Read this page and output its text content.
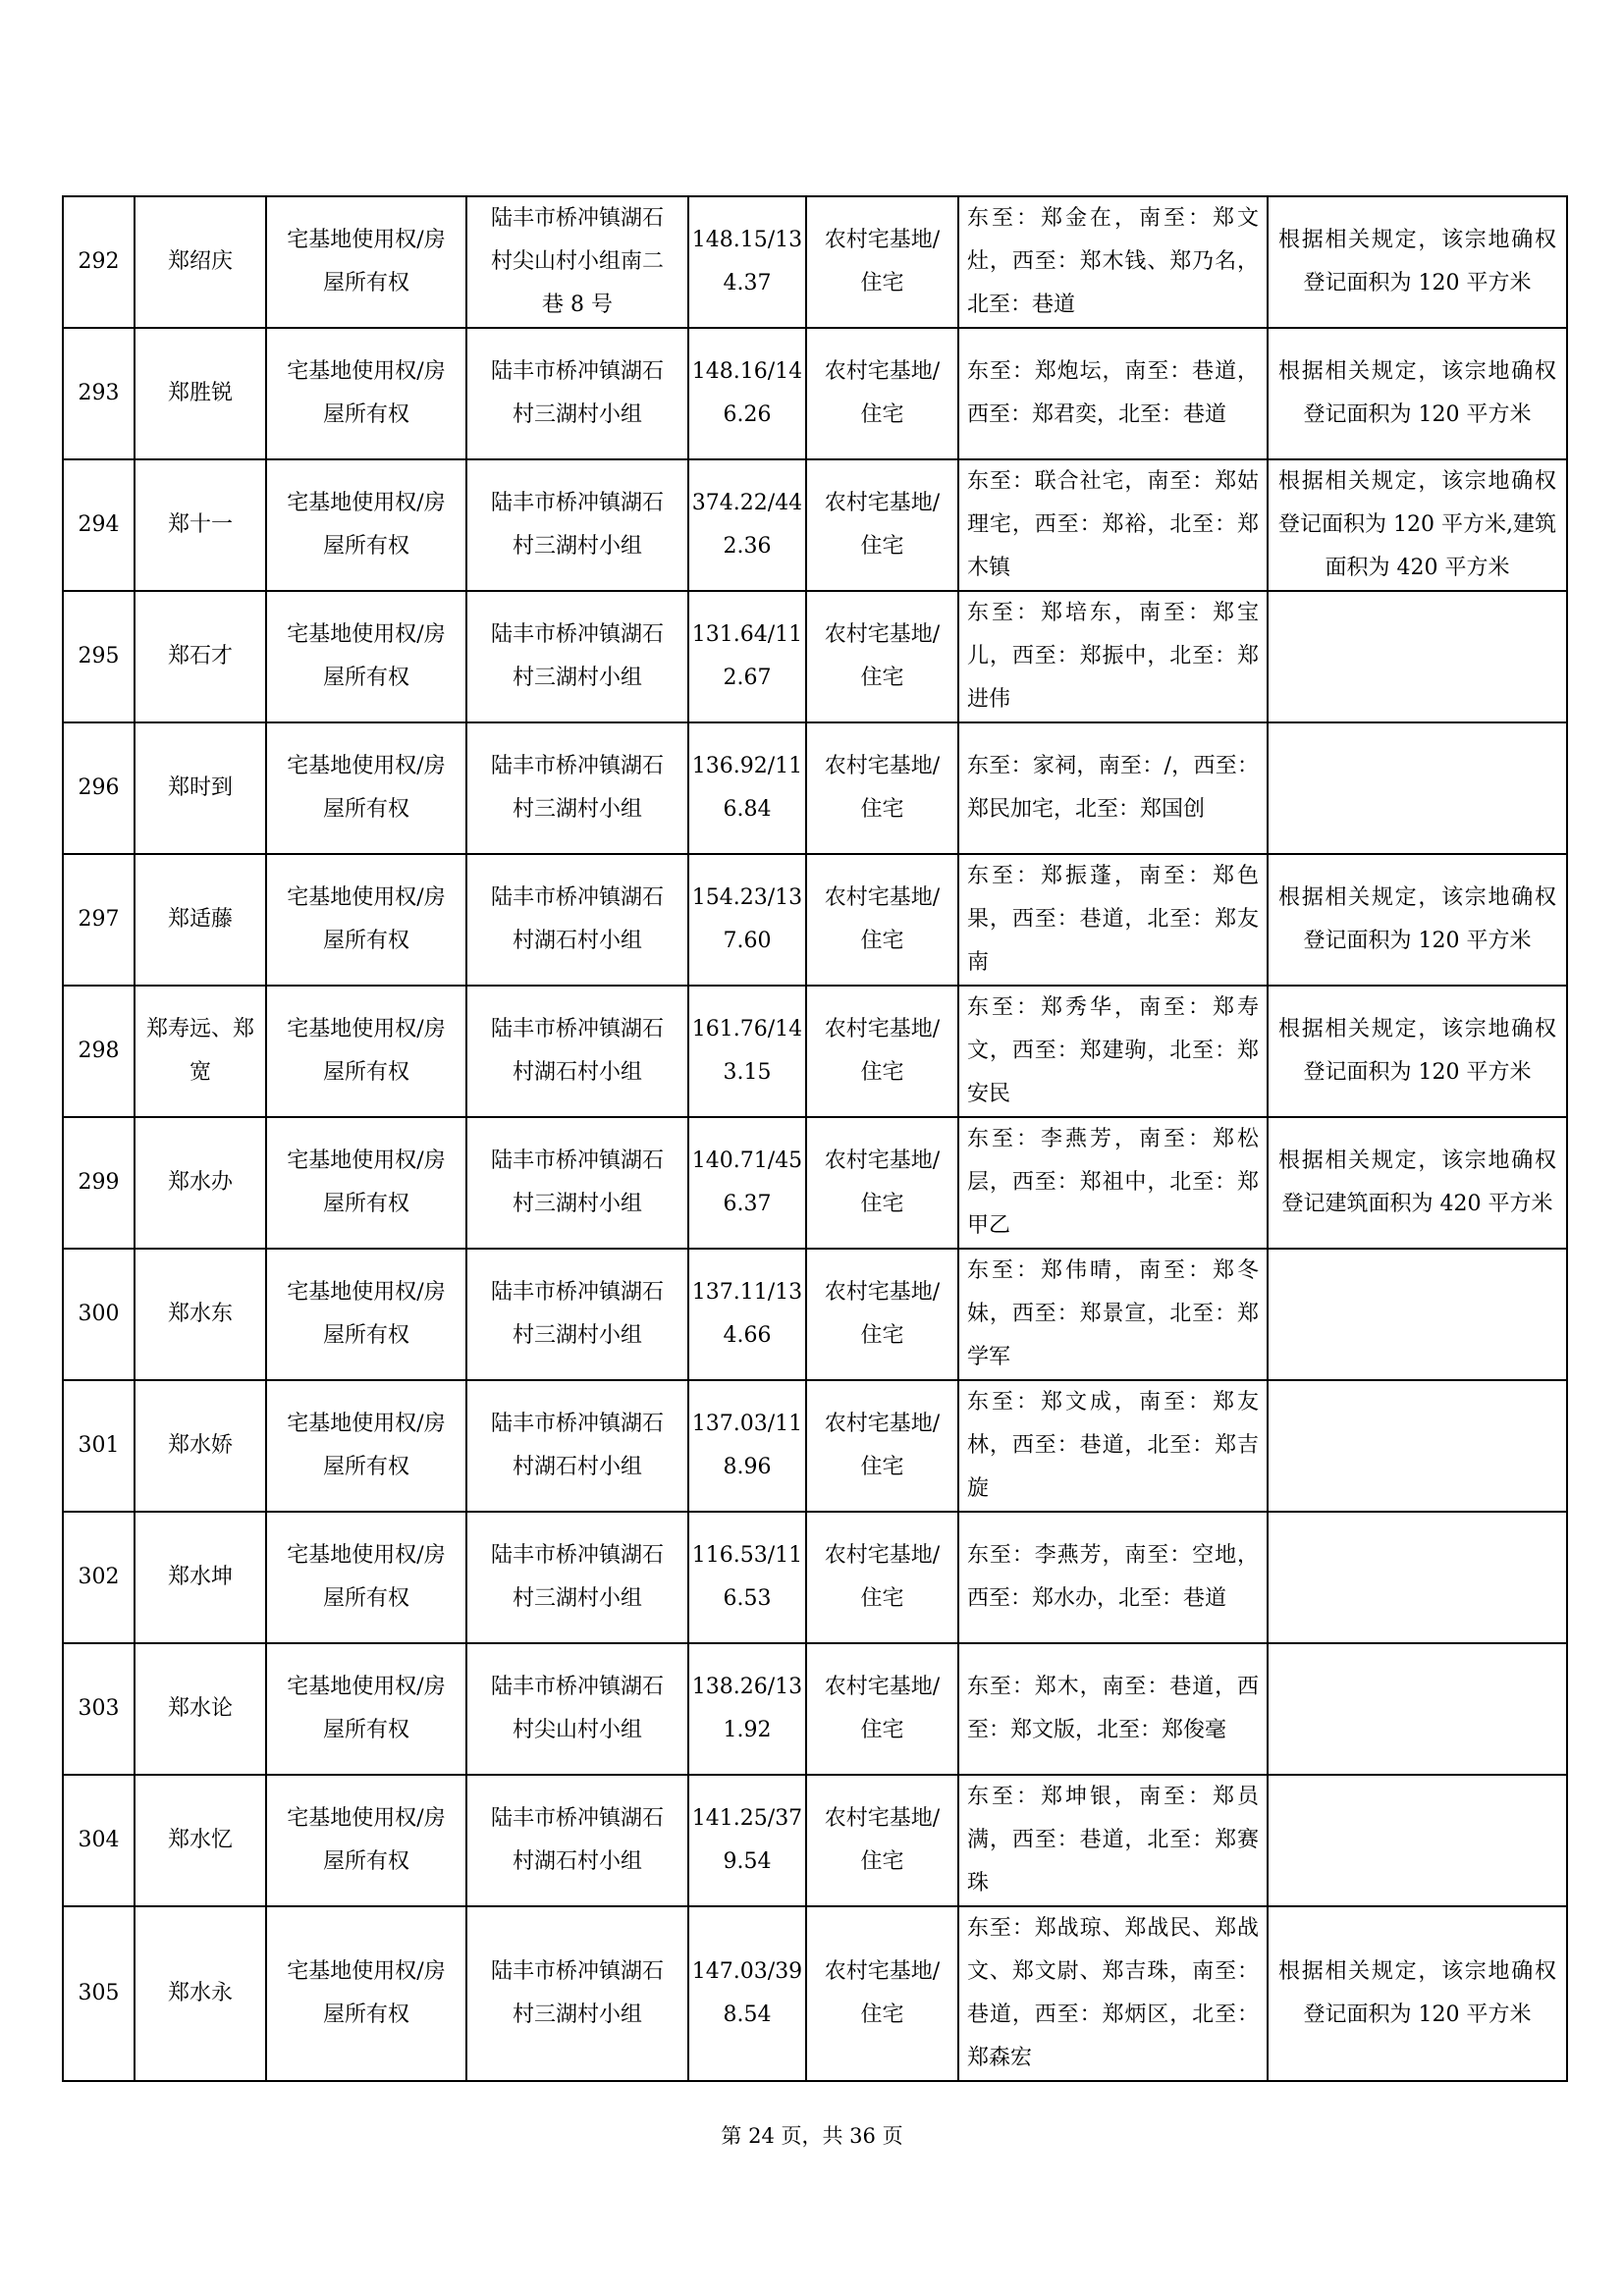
292	郑绍庆	宅基地使用权/房屋所有权	陆丰市桥冲镇湖石村尖山村小组南二巷 8 号	148.15/134.37	农村宅基地/住宅	东至：郑金在，南至：郑文灶，西至：郑木钱、郑乃名，北至：巷道	根据相关规定，该宗地确权登记面积为 120 平方米
293	郑胜锐	宅基地使用权/房屋所有权	陆丰市桥冲镇湖石村三湖村小组	148.16/146.26	农村宅基地/住宅	东至：郑炮坛，南至：巷道，西至：郑君奕，北至：巷道	根据相关规定，该宗地确权登记面积为 120 平方米
294	郑十一	宅基地使用权/房屋所有权	陆丰市桥冲镇湖石村三湖村小组	374.22/442.36	农村宅基地/住宅	东至：联合社宅，南至：郑姑理宅，西至：郑裕，北至：郑木镇	根据相关规定，该宗地确权登记面积为 120 平方米,建筑面积为 420 平方米
295	郑石才	宅基地使用权/房屋所有权	陆丰市桥冲镇湖石村三湖村小组	131.64/112.67	农村宅基地/住宅	东至：郑培东，南至：郑宝儿，西至：郑振中，北至：郑进伟	
296	郑时到	宅基地使用权/房屋所有权	陆丰市桥冲镇湖石村三湖村小组	136.92/116.84	农村宅基地/住宅	东至：家祠，南至：/，西至：郑民加宅，北至：郑国创	
297	郑适藤	宅基地使用权/房屋所有权	陆丰市桥冲镇湖石村湖石村小组	154.23/137.60	农村宅基地/住宅	东至：郑振蓬，南至：郑色果，西至：巷道，北至：郑友南	根据相关规定，该宗地确权登记面积为 120 平方米
298	郑寿远、郑宽	宅基地使用权/房屋所有权	陆丰市桥冲镇湖石村湖石村小组	161.76/143.15	农村宅基地/住宅	东至：郑秀华，南至：郑寿文，西至：郑建驹，北至：郑安民	根据相关规定，该宗地确权登记面积为 120 平方米
299	郑水办	宅基地使用权/房屋所有权	陆丰市桥冲镇湖石村三湖村小组	140.71/456.37	农村宅基地/住宅	东至：李燕芳，南至：郑松层，西至：郑祖中，北至：郑甲乙	根据相关规定，该宗地确权登记建筑面积为 420 平方米
300	郑水东	宅基地使用权/房屋所有权	陆丰市桥冲镇湖石村三湖村小组	137.11/134.66	农村宅基地/住宅	东至：郑伟晴，南至：郑冬妹，西至：郑景宣，北至：郑学军	
301	郑水娇	宅基地使用权/房屋所有权	陆丰市桥冲镇湖石村湖石村小组	137.03/118.96	农村宅基地/住宅	东至：郑文成，南至：郑友林，西至：巷道，北至：郑吉旋	
302	郑水坤	宅基地使用权/房屋所有权	陆丰市桥冲镇湖石村三湖村小组	116.53/116.53	农村宅基地/住宅	东至：李燕芳，南至：空地，西至：郑水办，北至：巷道	
303	郑水论	宅基地使用权/房屋所有权	陆丰市桥冲镇湖石村尖山村小组	138.26/131.92	农村宅基地/住宅	东至：郑木，南至：巷道，西至：郑文版，北至：郑俊毫	
304	郑水忆	宅基地使用权/房屋所有权	陆丰市桥冲镇湖石村湖石村小组	141.25/379.54	农村宅基地/住宅	东至：郑坤银，南至：郑员满，西至：巷道，北至：郑赛珠	
305	郑水永	宅基地使用权/房屋所有权	陆丰市桥冲镇湖石村三湖村小组	147.03/398.54	农村宅基地/住宅	东至：郑战琼、郑战民、郑战文、郑文尉、郑吉珠，南至：巷道，西至：郑炳区，北至：郑森宏	根据相关规定，该宗地确权登记面积为 120 平方米
第 24 页，共 36 页
